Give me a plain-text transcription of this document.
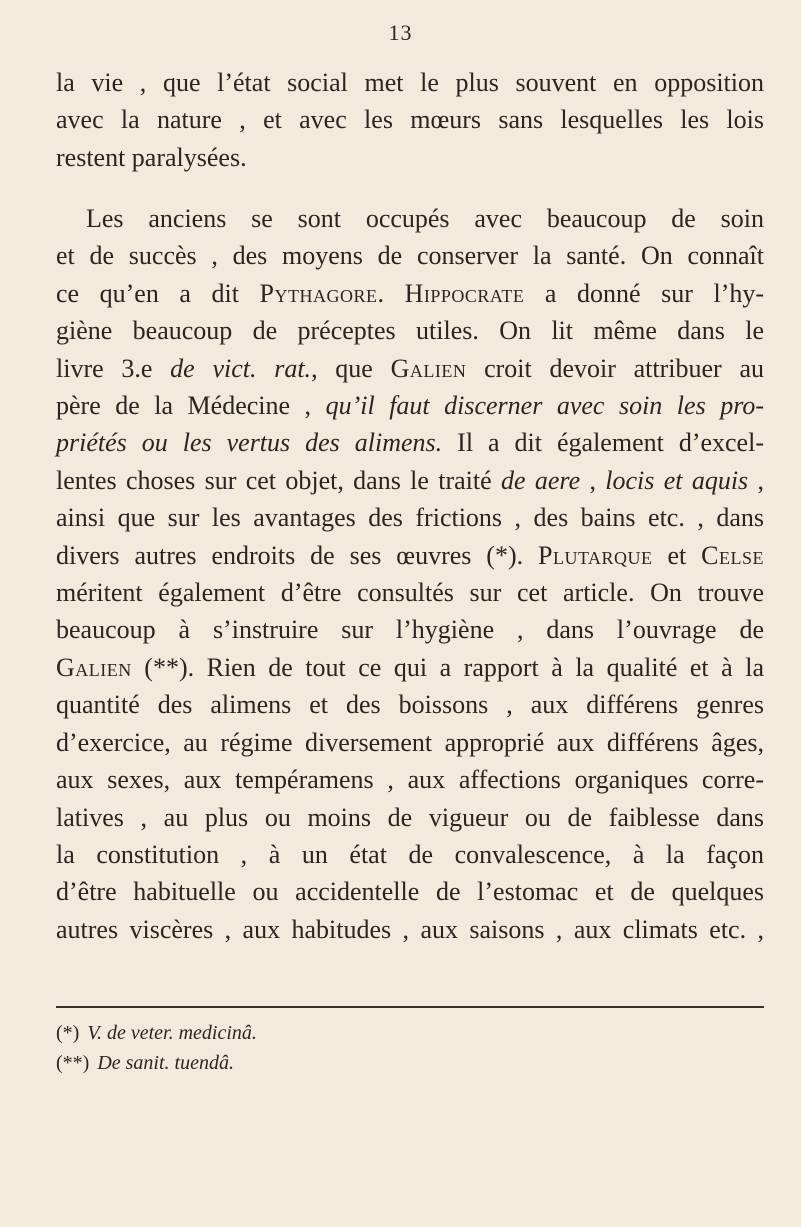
13
la vie , que l’état social met le plus souvent en opposition
avec la nature , et avec les mœurs sans lesquelles les lois
restent paralysées.
Les anciens se sont occupés avec beaucoup de soin
et de succès , des moyens de conserver la santé. On connaît
ce qu’en a dit Pythagore. Hippocrate a donné sur l’hy-
giène beaucoup de préceptes utiles. On lit même dans le
livre 3.e de vict. rat., que Galien croit devoir attribuer au
père de la Médecine , qu’il faut discerner avec soin les pro-
priétés ou les vertus des alimens. Il a dit également d’excel-
lentes choses sur cet objet, dans le traité de aere , locis et aquis ,
ainsi que sur les avantages des frictions , des bains etc. , dans
divers autres endroits de ses œuvres (*). Plutarque et Celse
méritent également d’être consultés sur cet article. On trouve
beaucoup à s’instruire sur l’hygiène , dans l’ouvrage de
Galien (**). Rien de tout ce qui a rapport à la qualité et à la
quantité des alimens et des boissons , aux différens genres
d’exercice, au régime diversement approprié aux différens âges,
aux sexes, aux tempéramens , aux affections organiques corre-
latives , au plus ou moins de vigueur ou de faiblesse dans
la constitution , à un état de convalescence, à la façon
d’être habituelle ou accidentelle de l’estomac et de quelques
autres viscères , aux habitudes , aux saisons , aux climats etc. ,
(*) V. de veter. medicinâ.
(**) De sanit. tuendâ.
